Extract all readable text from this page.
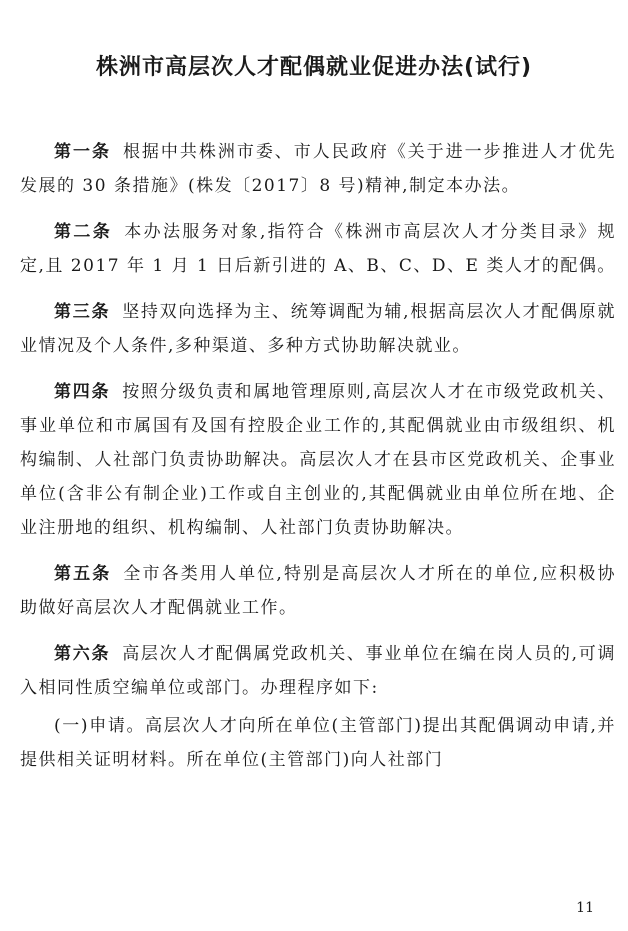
株洲市高层次人才配偶就业促进办法(试行)

第一条 根据中共株洲市委、市人民政府《关于进一步推进人才优先发展的 30 条措施》(株发〔2017〕8 号)精神,制定本办法。

第二条 本办法服务对象,指符合《株洲市高层次人才分类目录》规定,且 2017 年 1 月 1 日后新引进的 A、B、C、D、E 类人才的配偶。

第三条 坚持双向选择为主、统筹调配为辅,根据高层次人才配偶原就业情况及个人条件,多种渠道、多种方式协助解决就业。

第四条 按照分级负责和属地管理原则,高层次人才在市级党政机关、事业单位和市属国有及国有控股企业工作的,其配偶就业由市级组织、机构编制、人社部门负责协助解决。高层次人才在县市区党政机关、企事业单位(含非公有制企业)工作或自主创业的,其配偶就业由单位所在地、企业注册地的组织、机构编制、人社部门负责协助解决。

第五条 全市各类用人单位,特别是高层次人才所在的单位,应积极协助做好高层次人才配偶就业工作。

第六条 高层次人才配偶属党政机关、事业单位在编在岗人员的,可调入相同性质空编单位或部门。办理程序如下:

(一)申请。高层次人才向所在单位(主管部门)提出其配偶调动申请,并提供相关证明材料。所在单位(主管部门)向人社部门

11
